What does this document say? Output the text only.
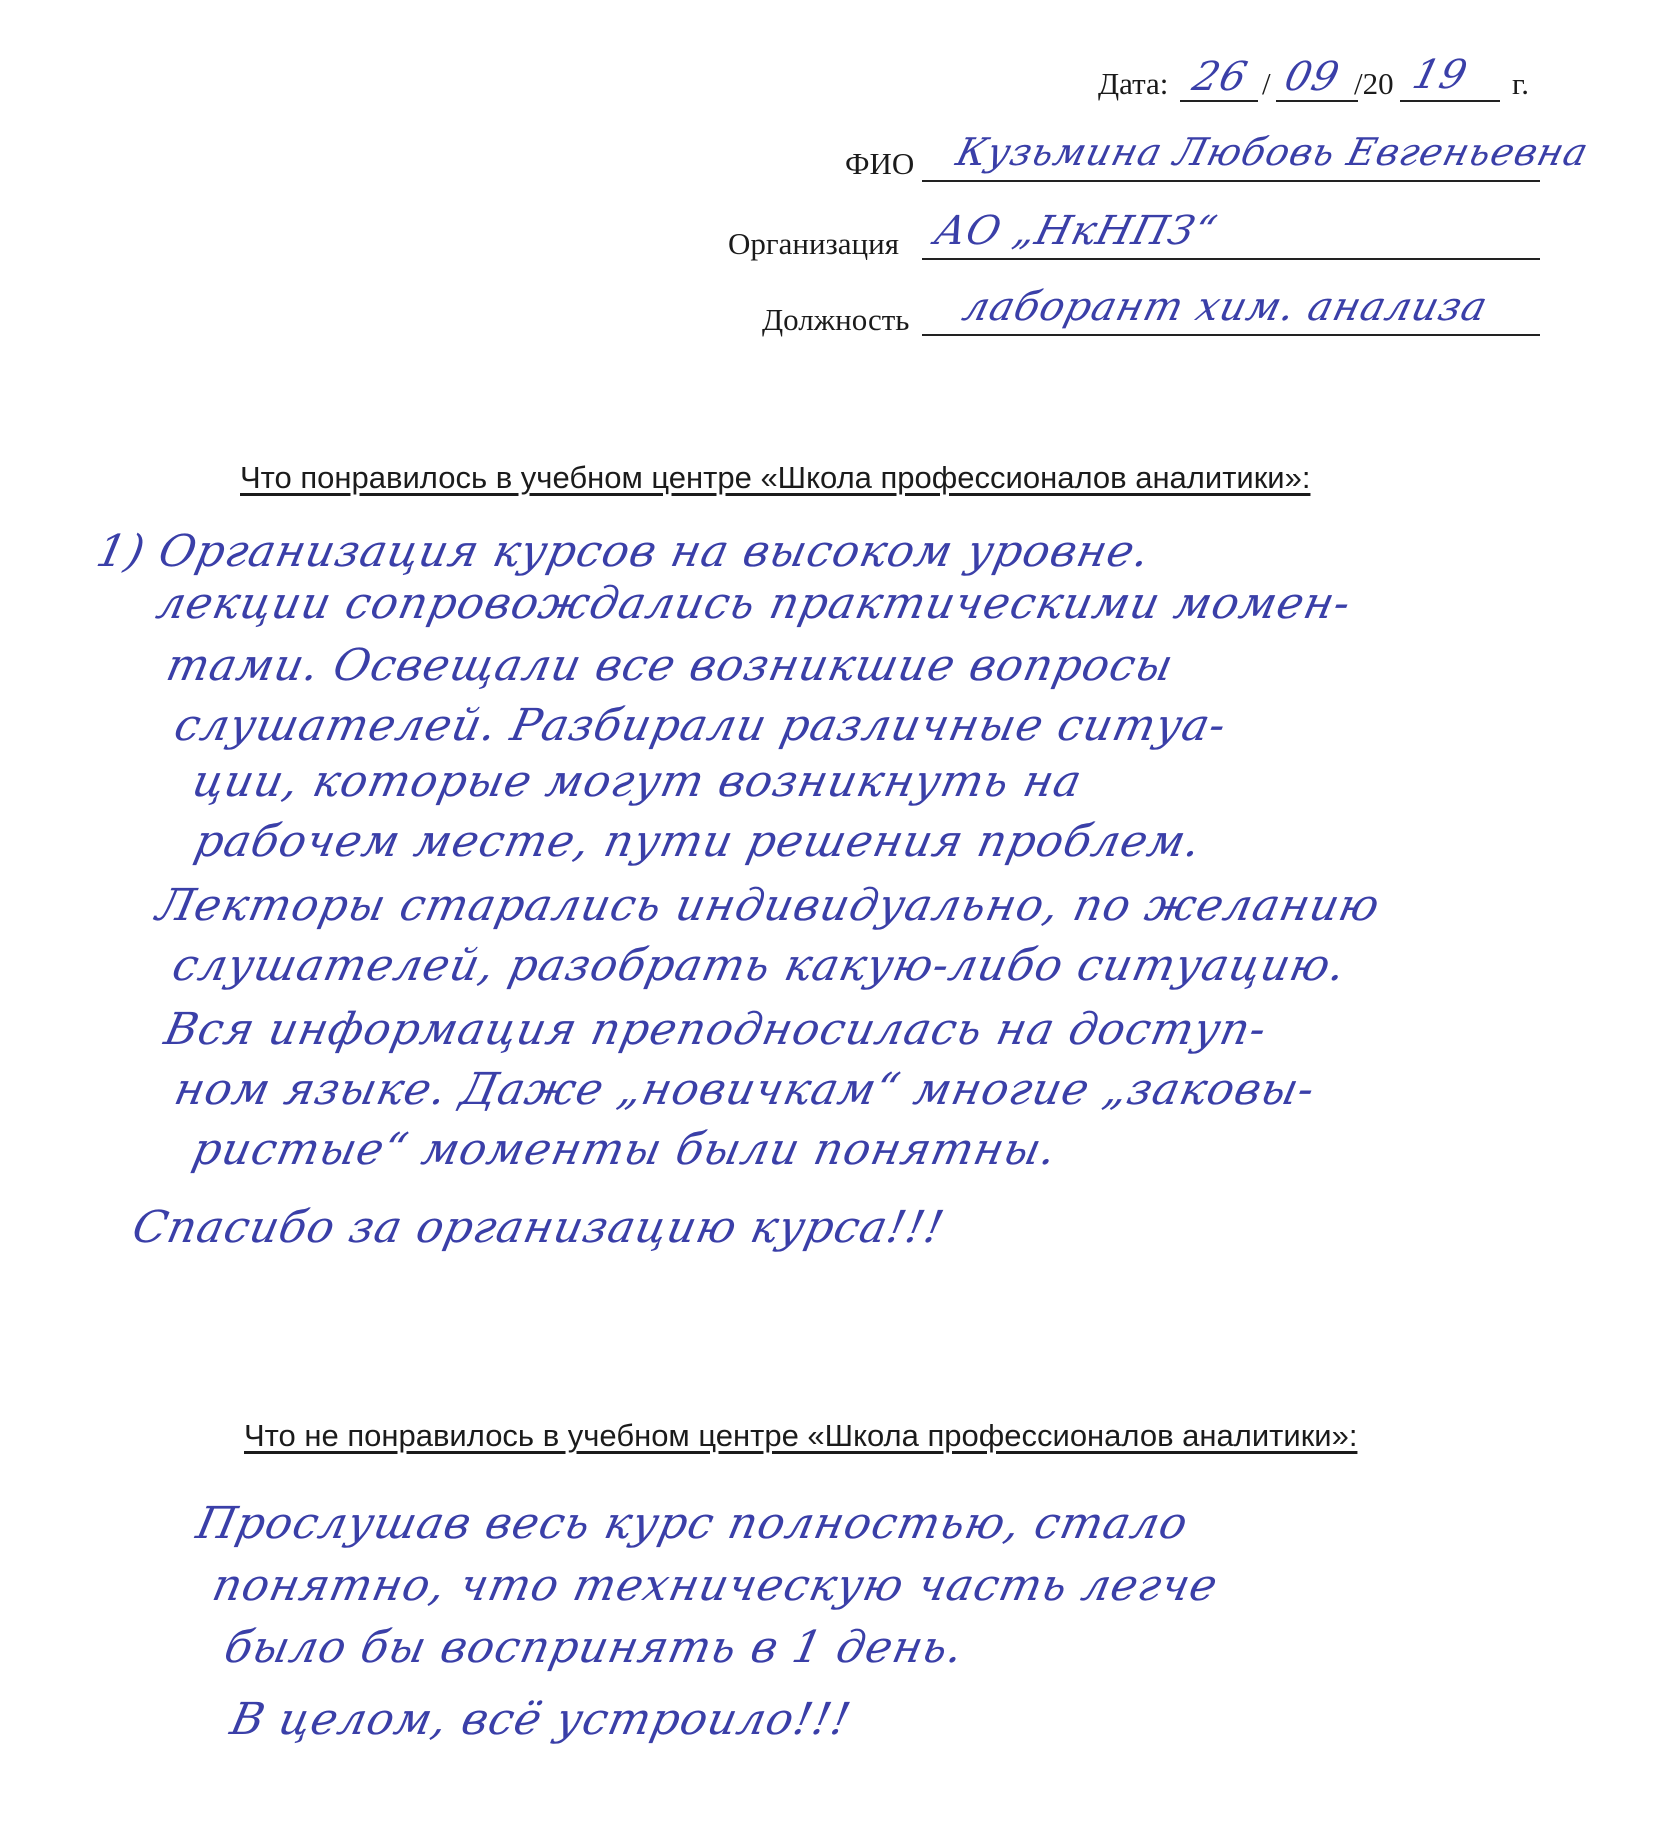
Дата: 26 / 09 /20 19 г.
ФИО Кузьмина Любовь Евгеньевна
Организация АО „НкНПЗ“
Должность лаборант хим. анализа
Что понравилось в учебном центре «Школа профессионалов аналитики»:
1) Организация курсов на высоком уровне.
лекции сопровождались практическими момен-
тами. Освещали все возникшие вопросы
слушателей. Разбирали различные ситуа-
ции, которые могут возникнуть на
рабочем месте, пути решения проблем.
Лекторы старались индивидуально, по желанию
слушателей, разобрать какую-либо ситуацию.
Вся информация преподносилась на доступ-
ном языке. Даже „новичкам“ многие „заковы-
ристые“ моменты были понятны.
Спасибо за организацию курса!!!
Что не понравилось в учебном центре «Школа профессионалов аналитики»:
Прослушав весь курс полностью, стало
понятно, что техническую часть легче
было бы воспринять в 1 день.
В целом, всё устроило!!!
